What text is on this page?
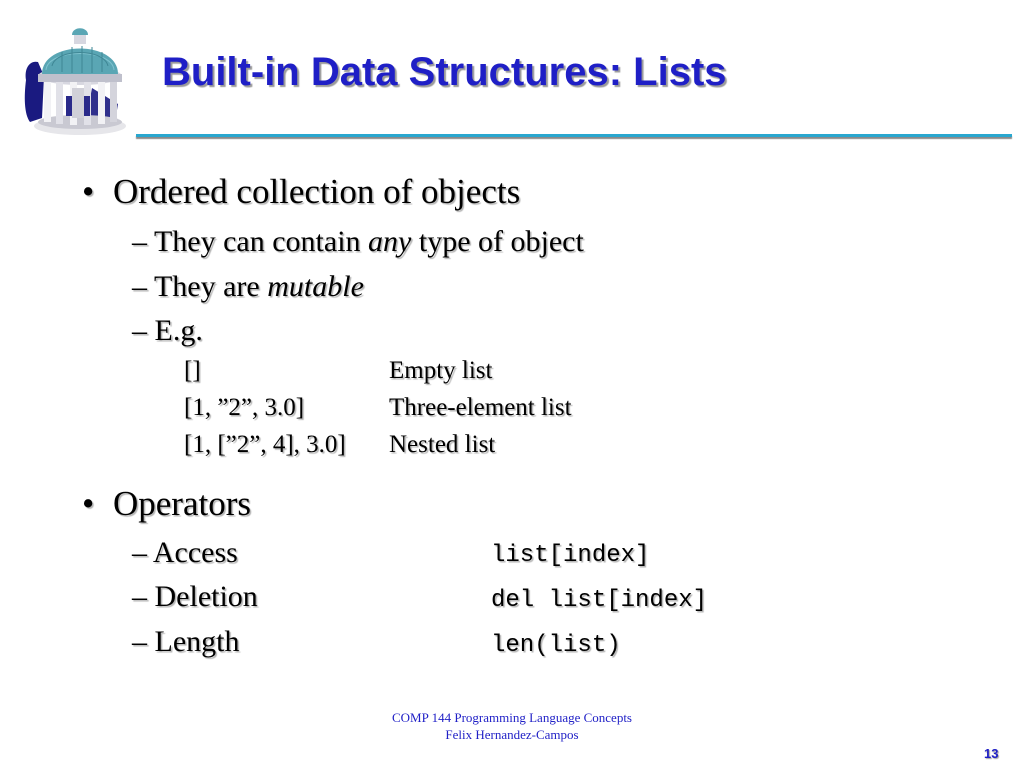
Built-in Data Structures: Lists
• Ordered collection of objects
– They can contain any type of object
– They are mutable
– E.g.
[]	Empty list
[1, ”2”, 3.0]	Three-element list
[1, [”2”, 4], 3.0] Nested list
• Operators
– Access	list[index]
– Deletion	del list[index]
– Length	len(list)
COMP 144 Programming Language Concepts
Felix Hernandez-Campos
13
